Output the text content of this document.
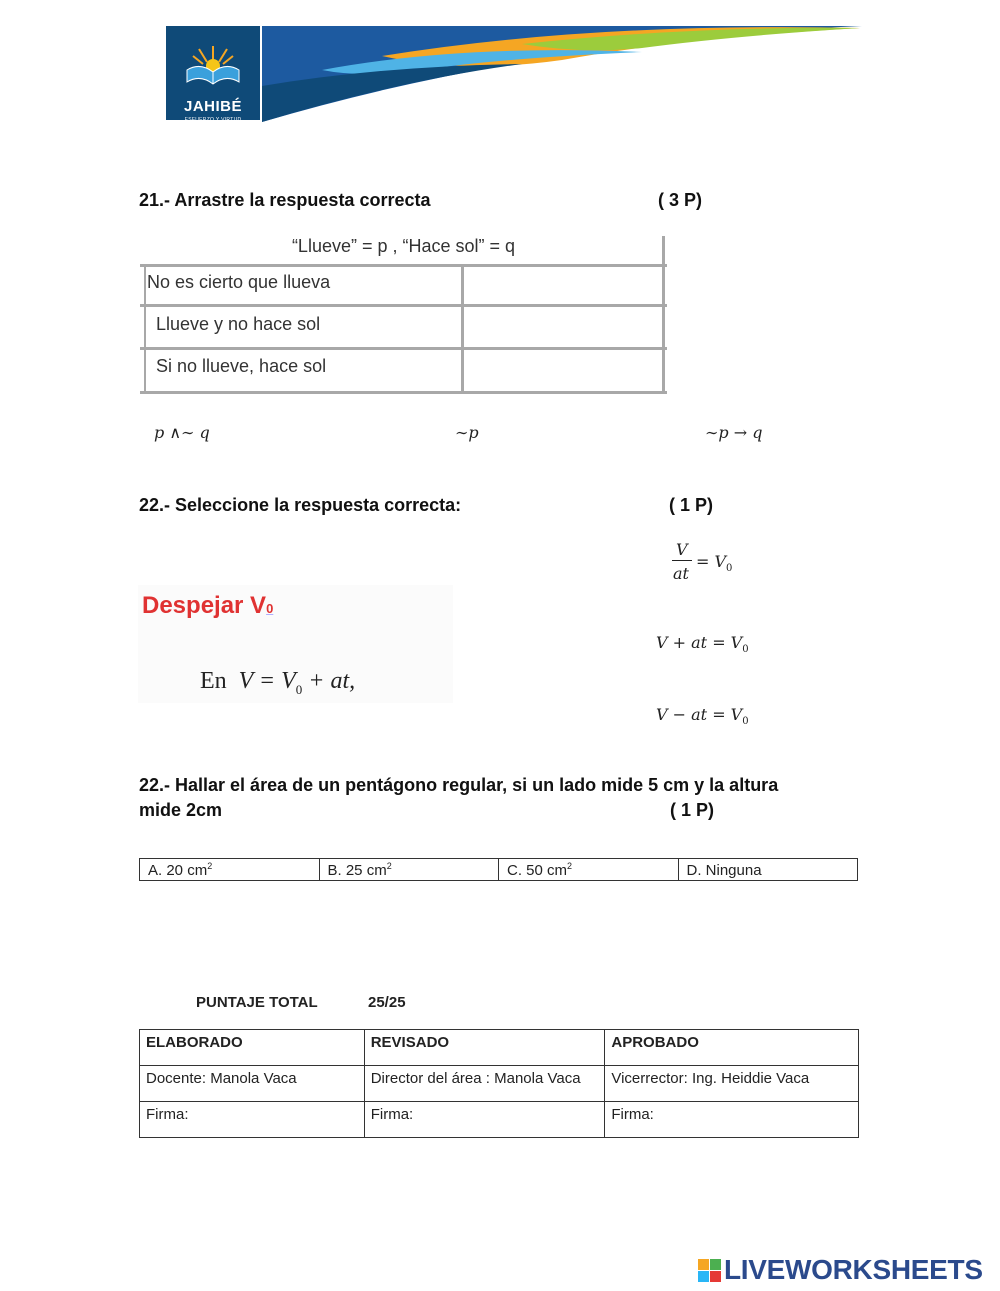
JAHIBÉ
ESFUERZO Y VIRTUD
21.- Arrastre la respuesta correcta	( 3 P)
No es cierto que llueva
Llueve y no hace sol
Si no llueve, hace sol
“Llueve” = p , “Hace sol” = q
p ∧∼ q	∼p	∼p → q
22.- Seleccione la respuesta correcta:	( 1 P)
V
at
= $V_0$
V + at = $V_0$
V − at = $V_0$
Despejar V0
En $V = V_0$ + at,
22.- Hallar el área de un pentágono regular, si un lado mide 5 cm y la altura
mide 2cm	( 1 P)
A. 20 $cm^2$	B. 25 $cm^2$	C. 50 $cm^2$	D. Ninguna
PUNTAJE TOTAL	25/25
ELABORADO	REVISADO	APROBADO
Docente: Manola Vaca	Director del área : Manola Vaca	Vicerrector: Ing. Heiddie Vaca
Firma:	Firma:	Firma:
LIVEWORKSHEETS
